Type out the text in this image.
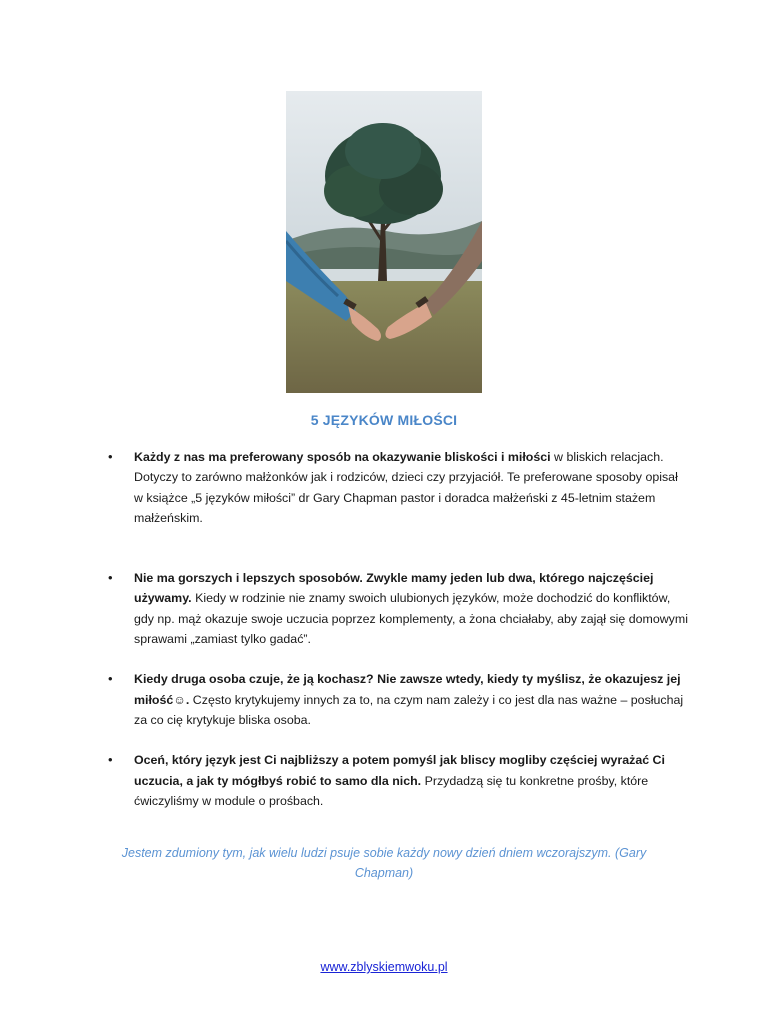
5 JĘZYKÓW MIŁOŚCI
• Każdy z nas ma preferowany sposób na okazywanie bliskości i miłości w bliskich relacjach. Dotyczy to zarówno małżonków jak i rodziców, dzieci czy przyjaciół. Te preferowane sposoby opisał w książce „5 języków miłości” dr Gary Chapman pastor i doradca małżeński z 45-letnim stażem małżeńskim.
• Nie ma gorszych i lepszych sposobów. Zwykle mamy jeden lub dwa, którego najczęściej używamy. Kiedy w rodzinie nie znamy swoich ulubionych języków, może dochodzić do konfliktów, gdy np. mąż okazuje swoje uczucia poprzez komplementy, a żona chciałaby, aby zajął się domowymi sprawami „zamiast tylko gadać”.
• Kiedy druga osoba czuje, że ją kochasz? Nie zawsze wtedy, kiedy ty myślisz, że okazujesz jej miłość☺. Często krytykujemy innych za to, na czym nam zależy i co jest dla nas ważne – posłuchaj za co cię krytykuje bliska osoba.
• Oceń, który język jest Ci najbliższy a potem pomyśl jak bliscy mogliby częściej wyrażać Ci uczucia, a jak ty mógłbyś robić to samo dla nich. Przydadzą się tu konkretne prośby, które ćwiczyliśmy w module o prośbach.
Jestem zdumiony tym, jak wielu ludzi psuje sobie każdy nowy dzień dniem wczorajszym. (Gary Chapman)
www.zblyskiemwoku.pl
